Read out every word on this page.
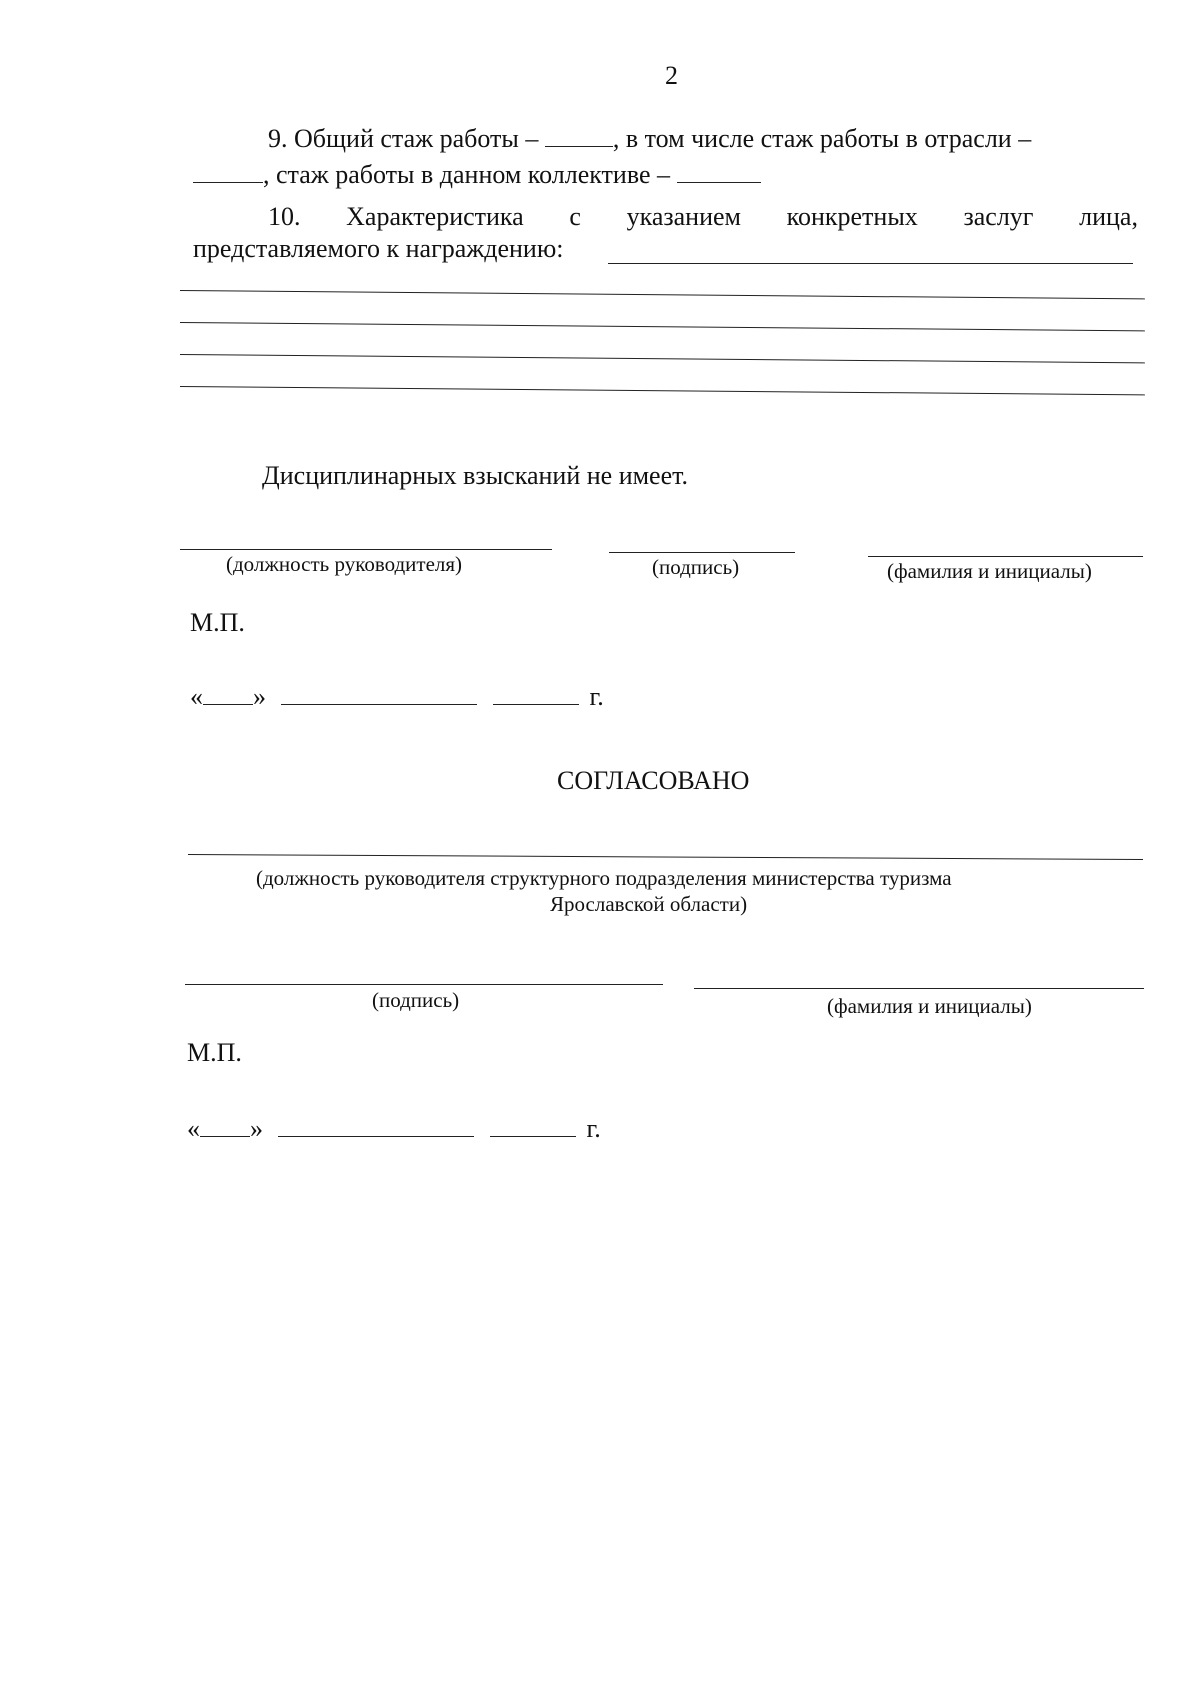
2
9. Общий стаж работы –	, в том числе стаж работы в отрасли –
, стаж работы в данном коллективе –
10. Характеристика с указанием конкретных заслуг лица,
представляемого к награждению:
Дисциплинарных взысканий не имеет.
(должность руководителя)	(подпись)	(фамилия и инициалы)
М.П.
« »	г.
СОГЛАСОВАНО
(должность руководителя структурного подразделения министерства туризма
Ярославской области)
(подпись)	(фамилия и инициалы)
М.П.
« »	г.
